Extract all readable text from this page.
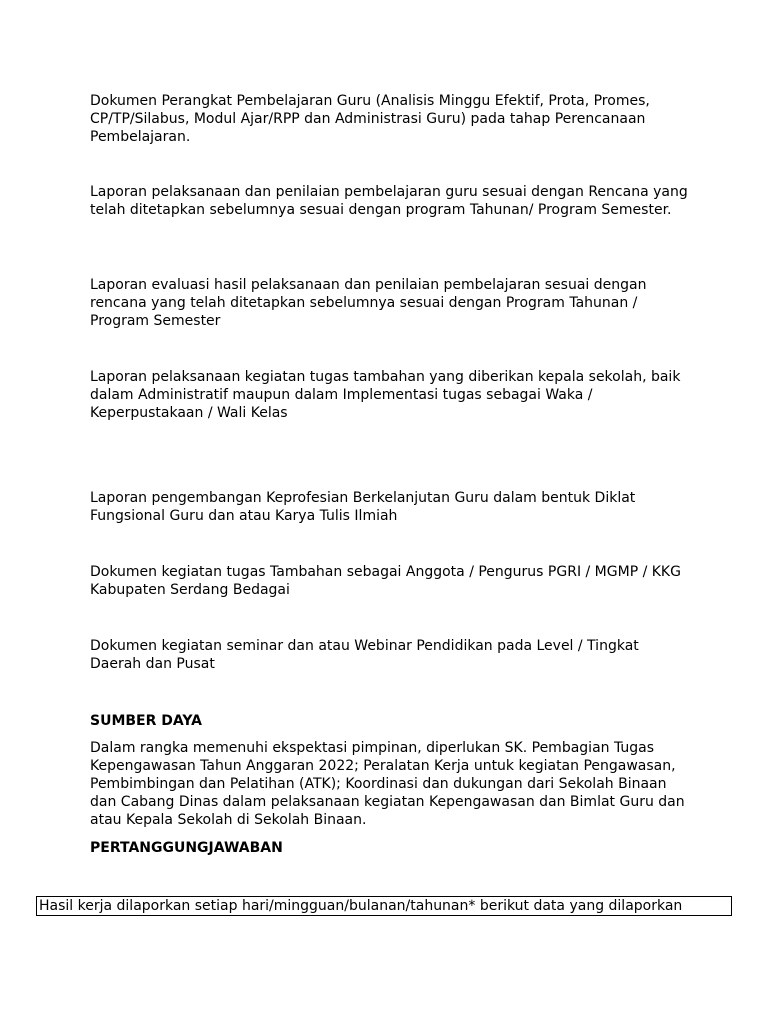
Dokumen Perangkat Pembelajaran Guru (Analisis Minggu Efektif, Prota, Promes, CP/TP/Silabus, Modul Ajar/RPP dan Administrasi Guru) pada tahap Perencanaan Pembelajaran.

Laporan pelaksanaan dan penilaian pembelajaran guru sesuai dengan Rencana yang telah ditetapkan sebelumnya sesuai dengan program Tahunan/ Program Semester.

Laporan evaluasi hasil pelaksanaan dan penilaian pembelajaran sesuai dengan rencana yang telah ditetapkan sebelumnya sesuai dengan Program Tahunan / Program Semester

Laporan pelaksanaan kegiatan tugas tambahan yang diberikan kepala sekolah, baik dalam Administratif maupun dalam Implementasi tugas sebagai Waka / Keperpustakaan / Wali Kelas

Laporan pengembangan Keprofesian Berkelanjutan Guru dalam bentuk Diklat Fungsional Guru dan atau Karya Tulis Ilmiah

Dokumen kegiatan tugas Tambahan sebagai Anggota / Pengurus PGRI / MGMP / KKG Kabupaten Serdang Bedagai

Dokumen kegiatan seminar dan atau Webinar Pendidikan pada Level / Tingkat Daerah dan Pusat

SUMBER DAYA

Dalam rangka memenuhi ekspektasi pimpinan, diperlukan SK. Pembagian Tugas Kepengawasan Tahun Anggaran 2022; Peralatan Kerja untuk kegiatan Pengawasan, Pembimbingan dan Pelatihan (ATK); Koordinasi dan dukungan dari Sekolah Binaan dan Cabang Dinas dalam pelaksanaan kegiatan Kepengawasan dan Bimlat Guru dan atau Kepala Sekolah di Sekolah Binaan.

PERTANGGUNGJAWABAN
Hasil kerja dilaporkan setiap hari/mingguan/bulanan/tahunan* berikut data yang dilaporkan
